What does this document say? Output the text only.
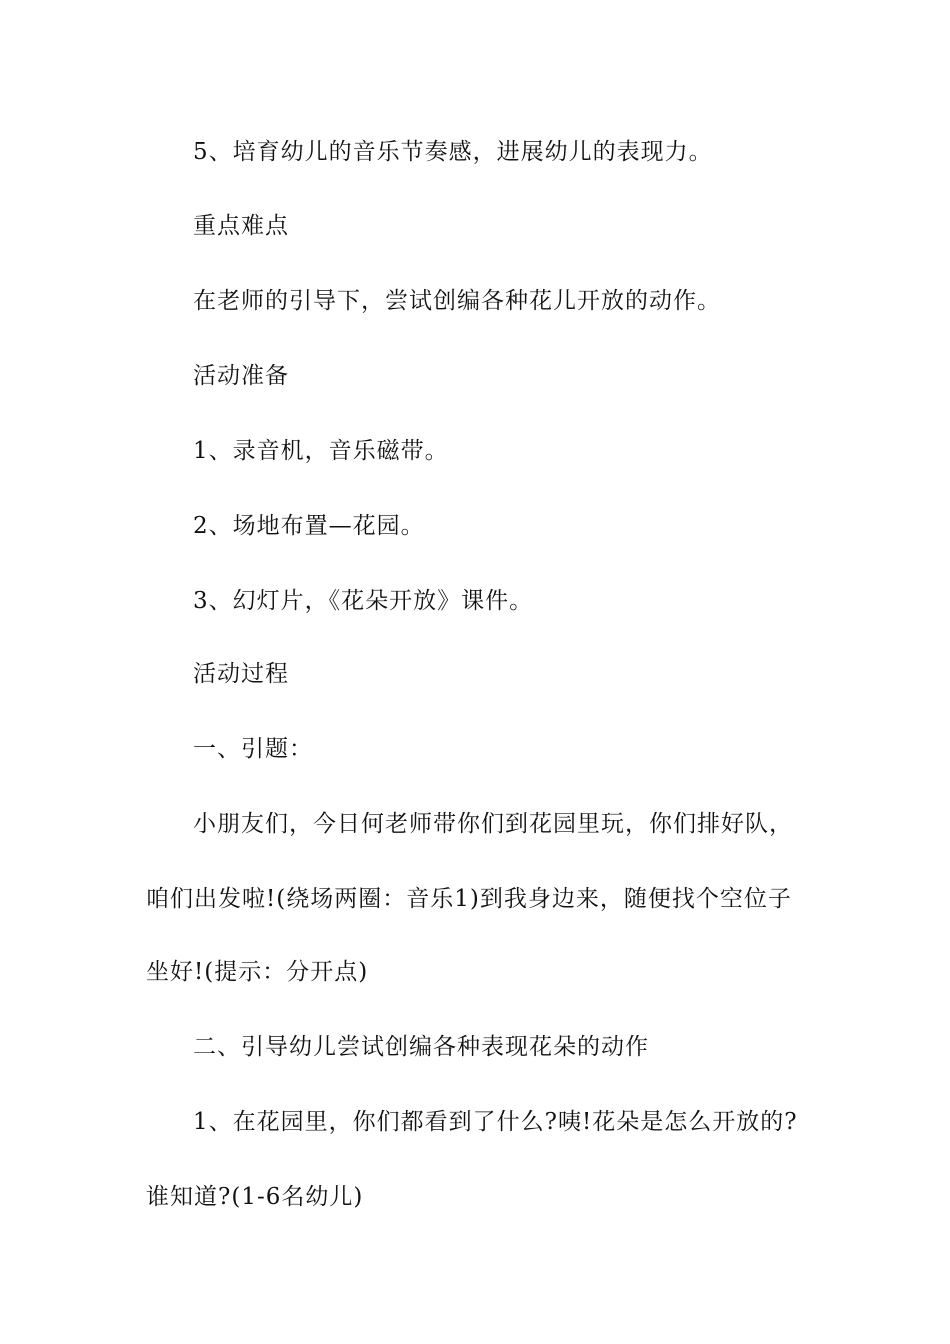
5、培育幼儿的音乐节奏感，进展幼儿的表现力。
重点难点
在老师的引导下，尝试创编各种花儿开放的动作。
活动准备
1、录音机，音乐磁带。
2、场地布置—花园。
3、幻灯片，《花朵开放》课件。
活动过程
一、引题：
小朋友们，今日何老师带你们到花园里玩，你们排好队，
咱们出发啦!(绕场两圈：音乐1)到我身边来，随便找个空位子
坐好!(提示：分开点)
二、引导幼儿尝试创编各种表现花朵的动作
1、在花园里，你们都看到了什么?咦!花朵是怎么开放的?
谁知道?(1-6名幼儿)
